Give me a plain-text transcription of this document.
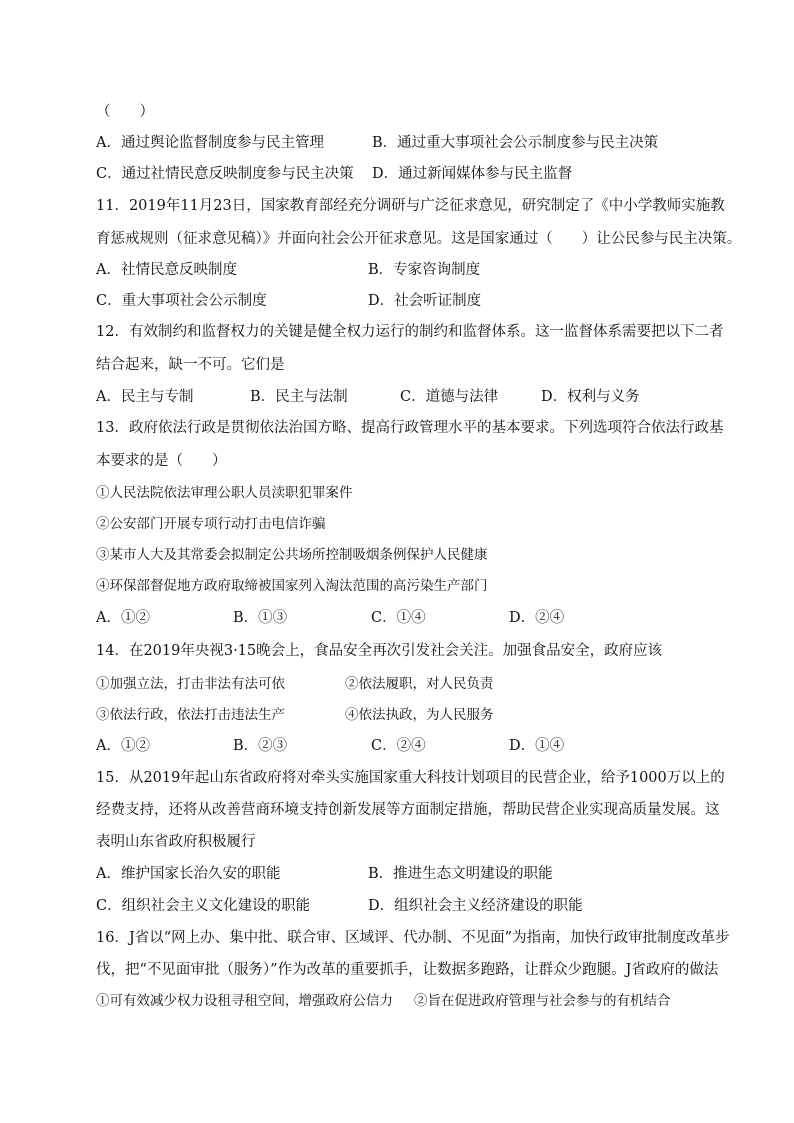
（　　）
A．通过舆论监督制度参与民主管理	B．通过重大事项社会公示制度参与民主决策
C．通过社情民意反映制度参与民主决策 D．通过新闻媒体参与民主监督
11．2019年11月23日，国家教育部经充分调研与广泛征求意见，研究制定了《中小学教师实施教
育惩戒规则（征求意见稿）》并面向社会公开征求意见。这是国家通过（　　）让公民参与民主决策。
A．社情民意反映制度	B．专家咨询制度
C．重大事项社会公示制度	D．社会听证制度
12．有效制约和监督权力的关键是健全权力运行的制约和监督体系。这一监督体系需要把以下二者
结合起来，缺一不可。它们是
A．民主与专制	B．民主与法制	C．道德与法律	D．权利与义务
13．政府依法行政是贯彻依法治国方略、提高行政管理水平的基本要求。下列选项符合依法行政基
本要求的是（　　）
①人民法院依法审理公职人员渎职犯罪案件
②公安部门开展专项行动打击电信诈骗
③某市人大及其常委会拟制定公共场所控制吸烟条例保护人民健康
④环保部督促地方政府取缔被国家列入淘汰范围的高污染生产部门
A．①②	B．①③	C．①④	D．②④
14．在2019年央视3·15晚会上，食品安全再次引发社会关注。加强食品安全，政府应该
①加强立法，打击非法有法可依	②依法履职，对人民负责
③依法行政，依法打击违法生产	④依法执政，为人民服务
A．①②	B．②③	C．②④	D．①④
15．从2019年起山东省政府将对牵头实施国家重大科技计划项目的民营企业，给予1000万以上的
经费支持，还将从改善营商环境支持创新发展等方面制定措施，帮助民营企业实现高质量发展。这
表明山东省政府积极履行
A．维护国家长治久安的职能	B．推进生态文明建设的职能
C．组织社会主义文化建设的职能	D．组织社会主义经济建设的职能
16．J省以“网上办、集中批、联合审、区域评、代办制、不见面”为指南，加快行政审批制度改革步
伐，把“不见面审批（服务）”作为改革的重要抓手，让数据多跑路，让群众少跑腿。J省政府的做法
①可有效减少权力设租寻租空间，增强政府公信力 ②旨在促进政府管理与社会参与的有机结合
